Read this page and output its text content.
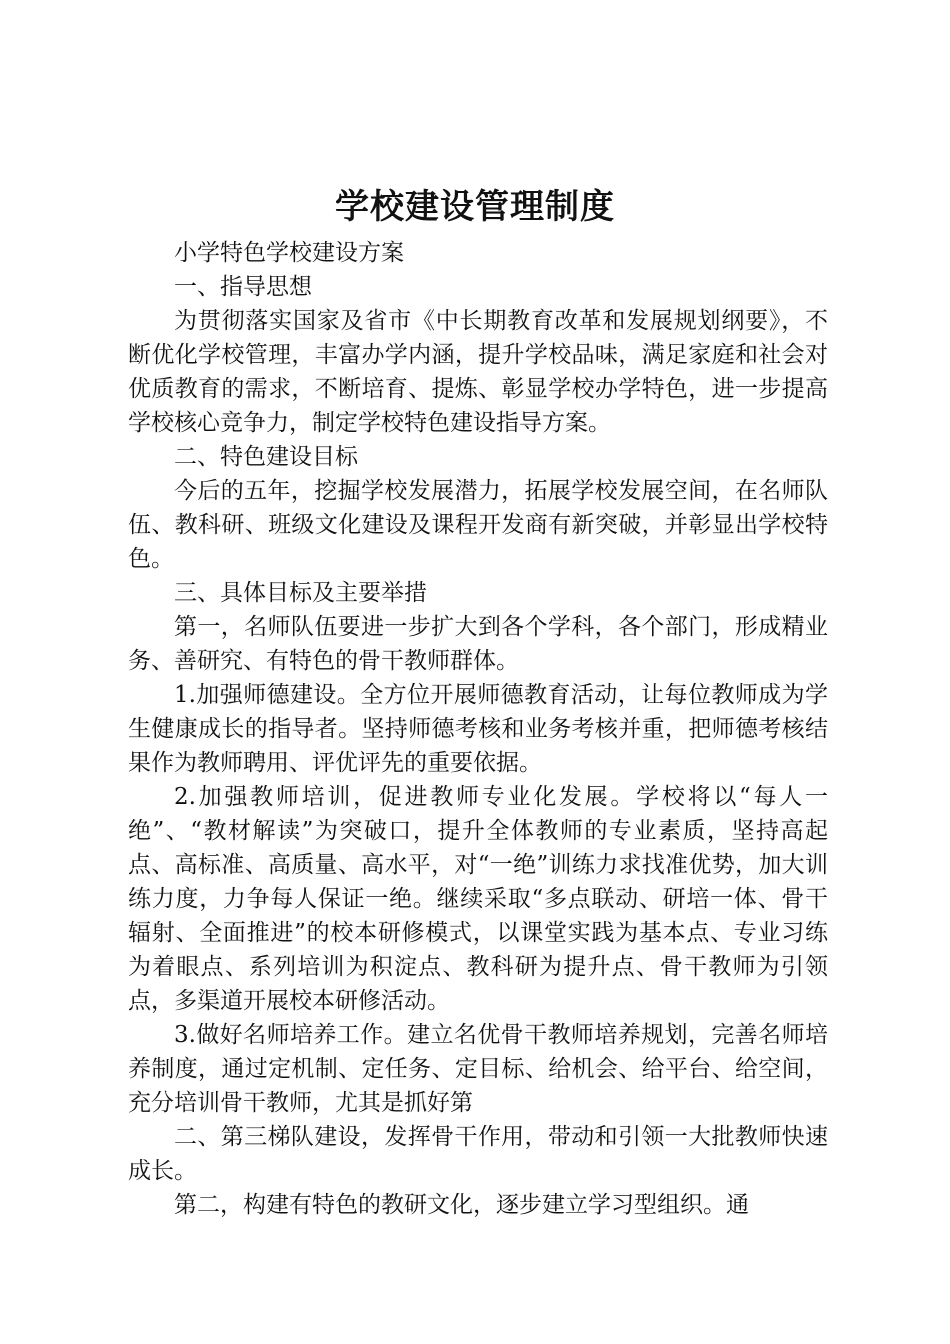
学校建设管理制度

小学特色学校建设方案

一、指导思想

为贯彻落实国家及省市《中长期教育改革和发展规划纲要》，不断优化学校管理，丰富办学内涵，提升学校品味，满足家庭和社会对优质教育的需求，不断培育、提炼、彰显学校办学特色，进一步提高学校核心竞争力，制定学校特色建设指导方案。

二、特色建设目标

今后的五年，挖掘学校发展潜力，拓展学校发展空间，在名师队伍、教科研、班级文化建设及课程开发商有新突破，并彰显出学校特色。

三、具体目标及主要举措

第一，名师队伍要进一步扩大到各个学科，各个部门，形成精业务、善研究、有特色的骨干教师群体。

1.加强师德建设。全方位开展师德教育活动，让每位教师成为学生健康成长的指导者。坚持师德考核和业务考核并重，把师德考核结果作为教师聘用、评优评先的重要依据。

2.加强教师培训，促进教师专业化发展。学校将以“每人一绝”、“教材解读”为突破口，提升全体教师的专业素质，坚持高起点、高标准、高质量、高水平，对“一绝”训练力求找准优势，加大训练力度，力争每人保证一绝。继续采取“多点联动、研培一体、骨干辐射、全面推进”的校本研修模式，以课堂实践为基本点、专业习练为着眼点、系列培训为积淀点、教科研为提升点、骨干教师为引领点，多渠道开展校本研修活动。

3.做好名师培养工作。建立名优骨干教师培养规划，完善名师培养制度，通过定机制、定任务、定目标、给机会、给平台、给空间，充分培训骨干教师，尤其是抓好第

二、第三梯队建设，发挥骨干作用，带动和引领一大批教师快速成长。

第二，构建有特色的教研文化，逐步建立学习型组织。通
